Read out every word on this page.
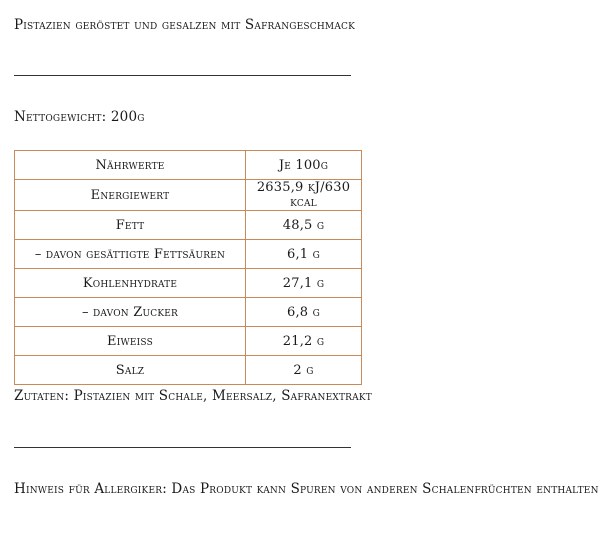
Pistazien geröstet und gesalzen mit Safrangeschmack
Nettogewicht: 200g
Nährwerte	Je 100g
Energiewert	2635,9 kJ/630 kcal
Fett	48,5 g
– davon gesättigte Fettsäuren	6,1 g
Kohlenhydrate	27,1 g
– davon Zucker	6,8 g
Eiweiss	21,2 g
Salz	2 g
Zutaten: Pistazien mit Schale, Meersalz, Safranextrakt
Hinweis für Allergiker: Das Produkt kann Spuren von anderen Schalenfrüchten enthalten
